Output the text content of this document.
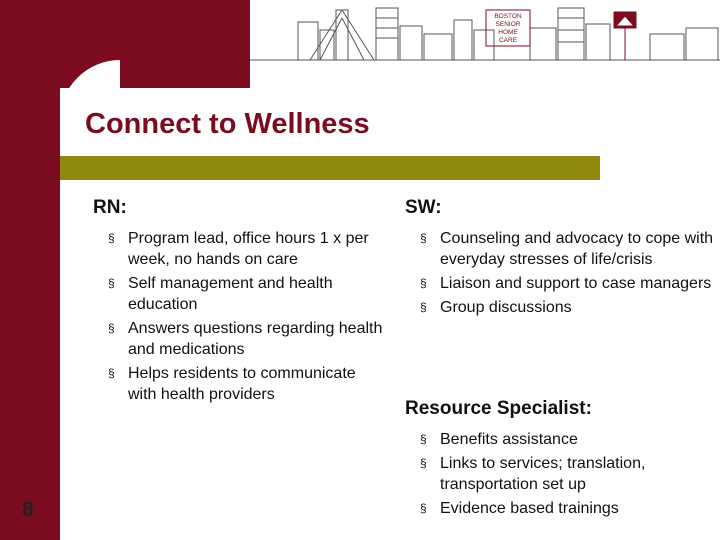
BOSTON
SENIOR
HOME
CARE
Connect to Wellness
RN:
§ Program lead, office hours 1 x per week, no hands on care
§ Self management and health education
§ Answers questions regarding health and medications
§ Helps residents to communicate with health providers
SW:
§ Counseling and advocacy to cope with everyday stresses of life/crisis
§ Liaison and support to case managers
§ Group discussions
Resource Specialist:
§ Benefits assistance
§ Links to services; translation, transportation set up
§ Evidence based trainings
8
